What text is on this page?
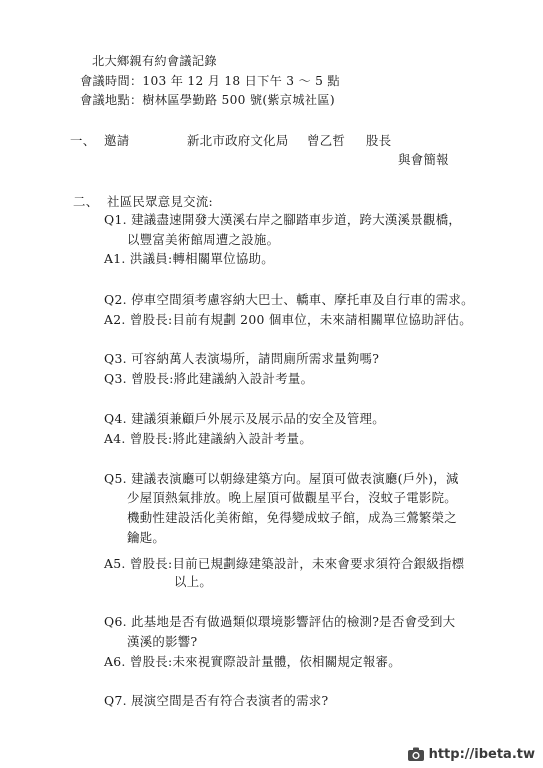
北大鄉親有約會議記錄
會議時間：103 年 12 月 18 日下午 3 ～ 5 點
會議地點：樹林區學勤路 500 號(紫京城社區)
一、 邀請	新北市政府文化局 曾乙哲 股長
與會簡報
二、 社區民眾意見交流:
Q1. 建議盡速開發大漢溪右岸之腳踏車步道，跨大漢溪景觀橋，
以豐富美術館周遭之設施。
A1. 洪議員:轉相關單位協助。
Q2. 停車空間須考慮容納大巴士、轎車、摩托車及自行車的需求。
A2. 曾股長:目前有規劃 200 個車位，未來請相關單位協助評估。
Q3. 可容納萬人表演場所，請問廁所需求量夠嗎?
Q3. 曾股長:將此建議納入設計考量。
Q4. 建議須兼顧戶外展示及展示品的安全及管理。
A4. 曾股長:將此建議納入設計考量。
Q5. 建議表演廳可以朝綠建築方向。屋頂可做表演廳(戶外)，減
少屋頂熱氣排放。晚上屋頂可做觀星平台，沒蚊子電影院。
機動性建設活化美術館，免得變成蚊子館，成為三鶯繁榮之
鑰匙。
A5. 曾股長:目前已規劃綠建築設計，未來會要求須符合銀級指標
以上。
Q6. 此基地是否有做過類似環境影響評估的檢測?是否會受到大
漢溪的影響?
A6. 曾股長:未來視實際設計量體，依相關規定報審。
Q7. 展演空間是否有符合表演者的需求?
http://ibeta.tw
